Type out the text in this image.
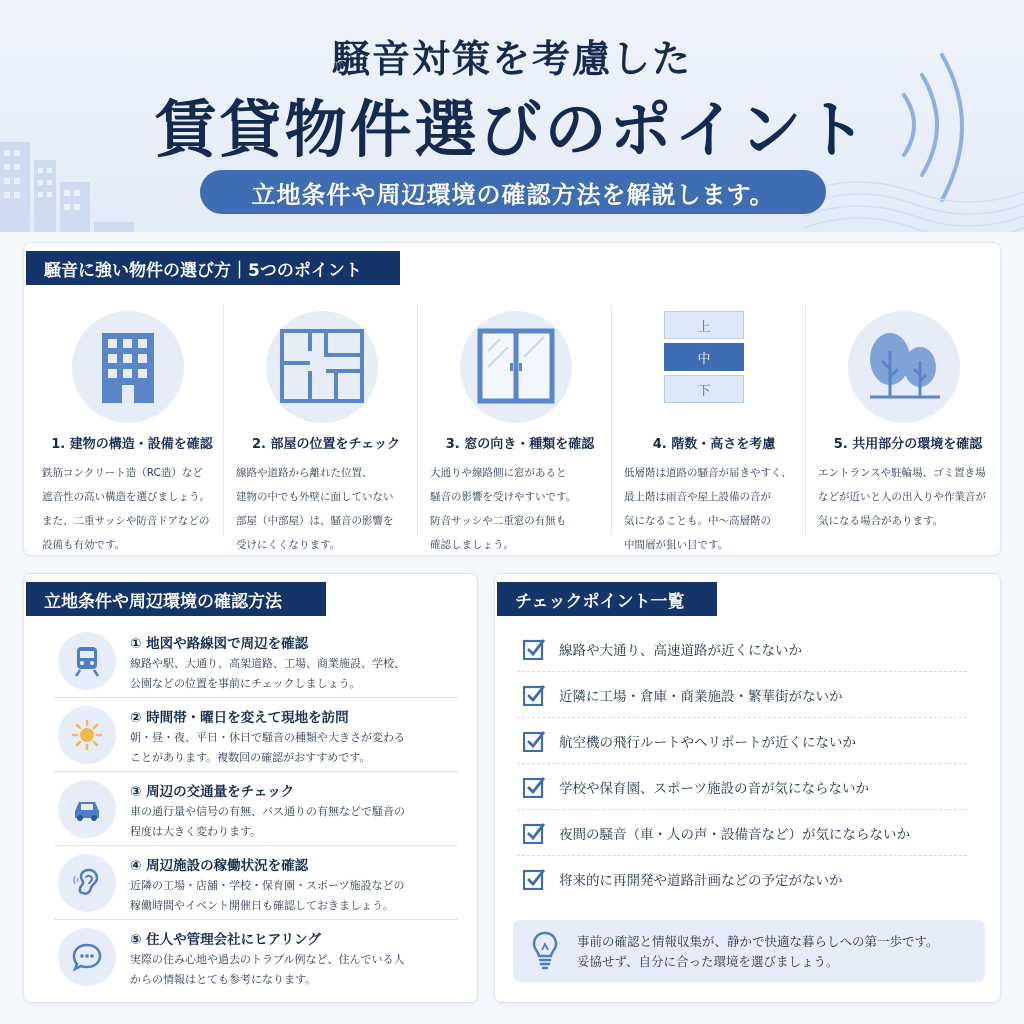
騒音対策を考慮した
賃貸物件選びのポイント
立地条件や周辺環境の確認方法を解説します。
騒音に強い物件の選び方｜5つのポイント
1. 建物の構造・設備を確認
鉄筋コンクリート造（RC造）など
遮音性の高い構造を選びましょう。
また、二重サッシや防音ドアなどの
設備も有効です。
2. 部屋の位置をチェック
線路や道路から離れた位置、
建物の中でも外壁に面していない
部屋（中部屋）は、騒音の影響を
受けにくくなります。
3. 窓の向き・種類を確認
大通りや線路側に窓があると
騒音の影響を受けやすいです。
防音サッシや二重窓の有無も
確認しましょう。
上
中
下
4. 階数・高さを考慮
低層階は道路の騒音が届きやすく、
最上階は雨音や屋上設備の音が
気になることも。中〜高層階の
中間層が狙い目です。
5. 共用部分の環境を確認
エントランスや駐輪場、ゴミ置き場
などが近いと人の出入りや作業音が
気になる場合があります。
立地条件や周辺環境の確認方法
① 地図や路線図で周辺を確認
線路や駅、大通り、高架道路、工場、商業施設、学校、
公園などの位置を事前にチェックしましょう。
② 時間帯・曜日を変えて現地を訪問
朝・昼・夜、平日・休日で騒音の種類や大きさが変わる
ことがあります。複数回の確認がおすすめです。
③ 周辺の交通量をチェック
車の通行量や信号の有無、バス通りの有無などで騒音の
程度は大きく変わります。
④ 周辺施設の稼働状況を確認
近隣の工場・店舗・学校・保育園・スポーツ施設などの
稼働時間やイベント開催日も確認しておきましょう。
⑤ 住人や管理会社にヒアリング
実際の住み心地や過去のトラブル例など、住んでいる人
からの情報はとても参考になります。
チェックポイント一覧
線路や大通り、高速道路が近くにないか
近隣に工場・倉庫・商業施設・繁華街がないか
航空機の飛行ルートやヘリポートが近くにないか
学校や保育園、スポーツ施設の音が気にならないか
夜間の騒音（車・人の声・設備音など）が気にならないか
将来的に再開発や道路計画などの予定がないか
事前の確認と情報収集が、静かで快適な暮らしへの第一歩です。
妥協せず、自分に合った環境を選びましょう。
